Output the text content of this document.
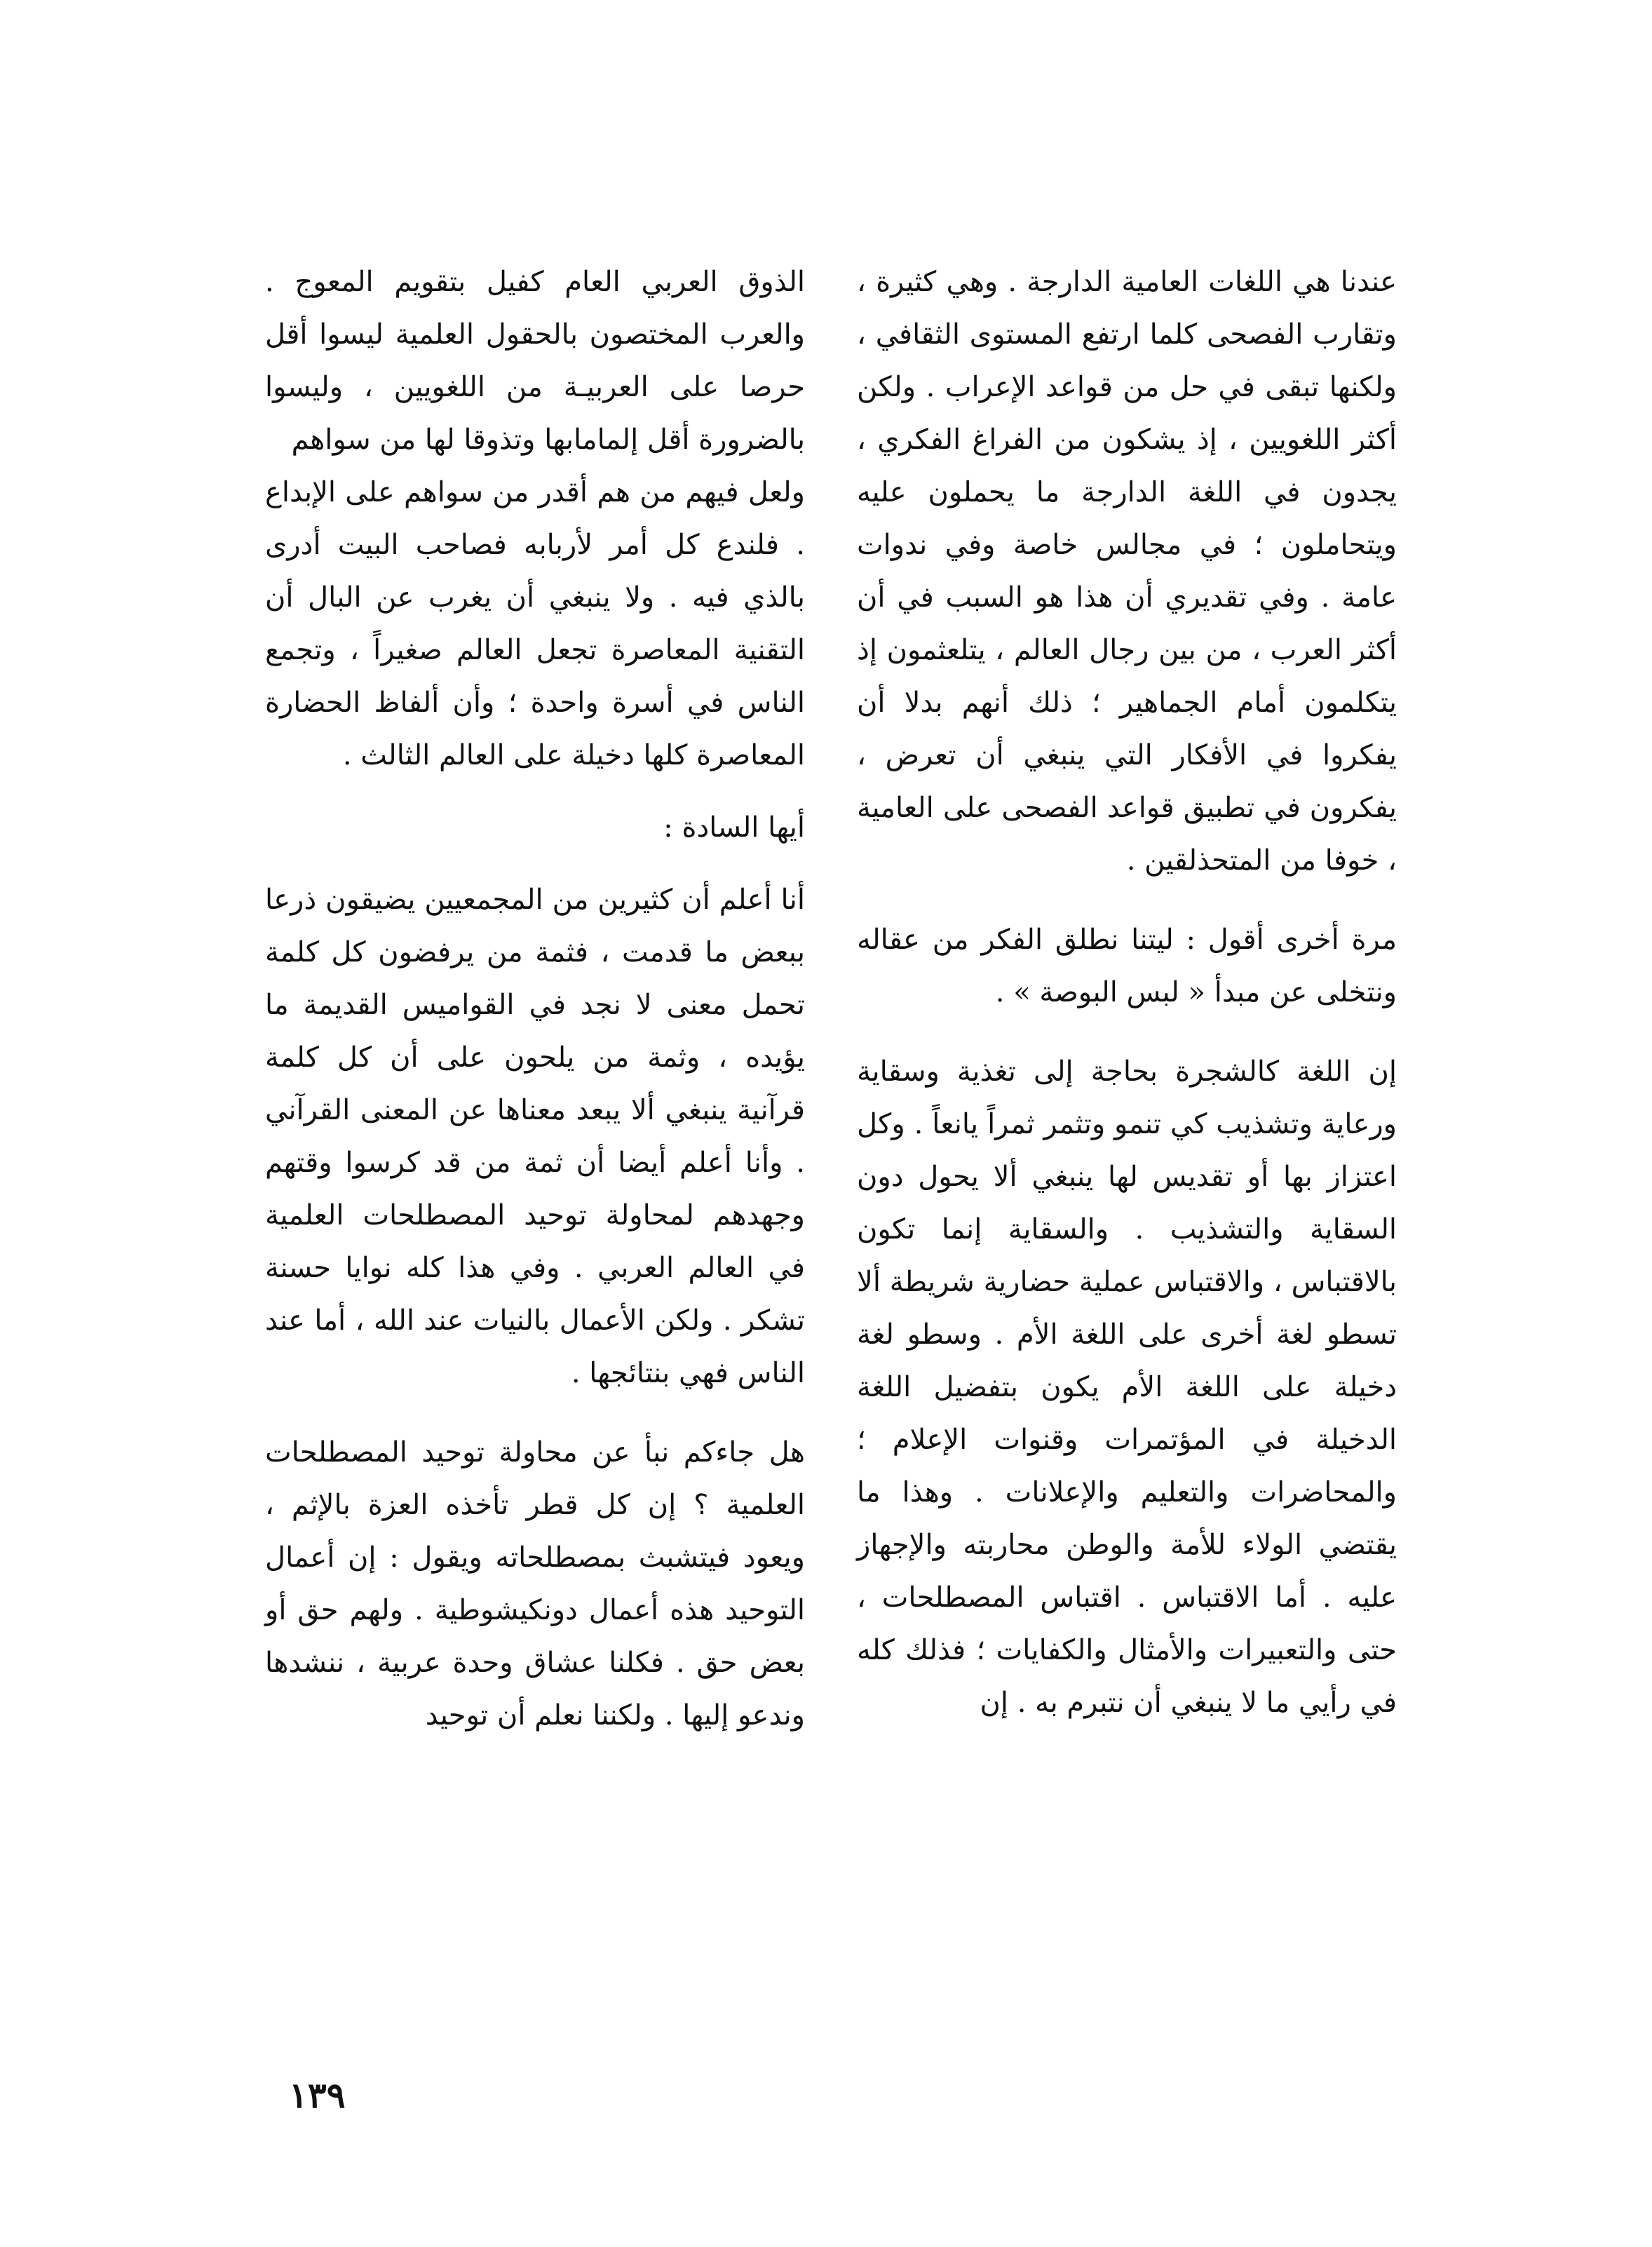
عندنا هي اللغات العامية الدارجة . وهي كثيرة ، وتقارب الفصحى كلما ارتفع المستوى الثقافي ، ولكنها تبقى في حل من قواعد الإعراب . ولكن أكثر اللغويين ، إذ يشكون من الفراغ الفكري ، يجدون في اللغة الدارجة ما يحملون عليه ويتحاملون ؛ في مجالس خاصة وفي ندوات عامة . وفي تقديري أن هذا هو السبب في أن أكثر العرب ، من بين رجال العالم ، يتلعثمون إذ يتكلمون أمام الجماهير ؛ ذلك أنهم بدلا أن يفكروا في الأفكار التي ينبغي أن تعرض ، يفكرون في تطبيق قواعد الفصحى على العامية ، خوفا من المتحذلقين .

مرة أخرى أقول : ليتنا نطلق الفكر من عقاله ونتخلى عن مبدأ « لبس البوصة » .

إن اللغة كالشجرة بحاجة إلى تغذية وسقاية ورعاية وتشذيب كي تنمو وتثمر ثمراً يانعاً . وكل اعتزاز بها أو تقديس لها ينبغي ألا يحول دون السقاية والتشذيب . والسقاية إنما تكون بالاقتباس ، والاقتباس عملية حضارية شريطة ألا تسطو لغة أخرى على اللغة الأم . وسطو لغة دخيلة على اللغة الأم يكون بتفضيل اللغة الدخيلة في المؤتمرات وقنوات الإعلام ؛ والمحاضرات والتعليم والإعلانات . وهذا ما يقتضي الولاء للأمة والوطن محاربته والإجهاز عليه . أما الاقتباس . اقتباس المصطلحات ، حتى والتعبيرات والأمثال والكفايات ؛ فذلك كله في رأيي ما لا ينبغي أن نتبرم به . إن

الذوق العربي العام كفيل بتقويم المعوج . والعرب المختصون بالحقول العلمية ليسوا أقل حرصا على العربيـة من اللغويين ، وليسوا بالضرورة أقل إلمامابها وتذوقا لها من سواهم

ولعل فيهم من هم أقدر من سواهم على الإبداع . فلندع كل أمر لأربابه فصاحب البيت أدرى بالذي فيه . ولا ينبغي أن يغرب عن البال أن التقنية المعاصرة تجعل العالم صغيراً ، وتجمع الناس في أسرة واحدة ؛ وأن ألفاظ الحضارة المعاصرة كلها دخيلة على العالم الثالث .

أيها السادة :

أنا أعلم أن كثيرين من المجمعيين يضيقون ذرعا ببعض ما قدمت ، فثمة من يرفضون كل كلمة تحمل معنى لا نجد في القواميس القديمة ما يؤيده ، وثمة من يلحون على أن كل كلمة قرآنية ينبغي ألا يبعد معناها عن المعنى القرآني . وأنا أعلم أيضا أن ثمة من قد كرسوا وقتهم وجهدهم لمحاولة توحيد المصطلحات العلمية في العالم العربي . وفي هذا كله نوايا حسنة تشكر . ولكن الأعمال بالنيات عند الله ، أما عند الناس فهي بنتائجها .

هل جاءكم نبأ عن محاولة توحيد المصطلحات العلمية ؟ إن كل قطر تأخذه العزة بالإثم ، ويعود فيتشبث بمصطلحاته ويقول : إن أعمال التوحيد هذه أعمال دونكيشوطية . ولهم حق أو بعض حق . فكلنا عشاق وحدة عربية ، ننشدها وندعو إليها . ولكننا نعلم أن توحيد

١٣٩
